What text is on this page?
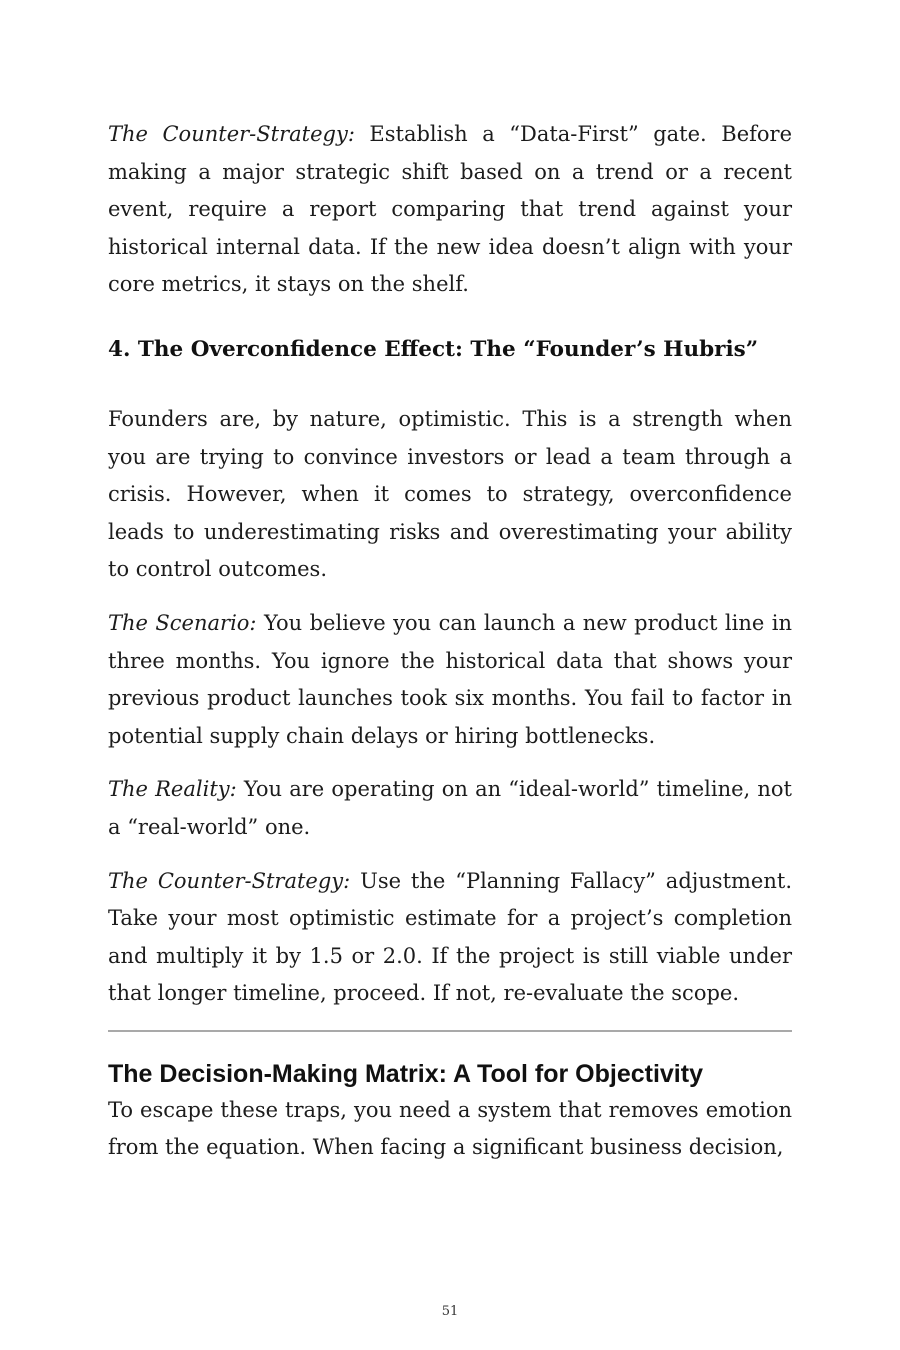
The Counter-Strategy: Establish a “Data-First” gate. Before making a major strategic shift based on a trend or a recent event, require a report comparing that trend against your historical internal data. If the new idea doesn’t align with your core metrics, it stays on the shelf.

4. The Overconfidence Effect: The “Founder’s Hubris”

Founders are, by nature, optimistic. This is a strength when you are trying to convince investors or lead a team through a crisis. However, when it comes to strategy, overconfidence leads to underestimating risks and overestimating your ability to control outcomes.

The Scenario: You believe you can launch a new product line in three months. You ignore the historical data that shows your previous product launches took six months. You fail to factor in potential supply chain delays or hiring bottlenecks.

The Reality: You are operating on an “ideal-world” timeline, not a “real-world” one.

The Counter-Strategy: Use the “Planning Fallacy” adjustment. Take your most optimistic estimate for a project’s completion and multiply it by 1.5 or 2.0. If the project is still viable under that longer timeline, proceed. If not, re-evaluate the scope.

The Decision-Making Matrix: A Tool for Objectivity

To escape these traps, you need a system that removes emotion from the equation. When facing a significant business decision,

51
